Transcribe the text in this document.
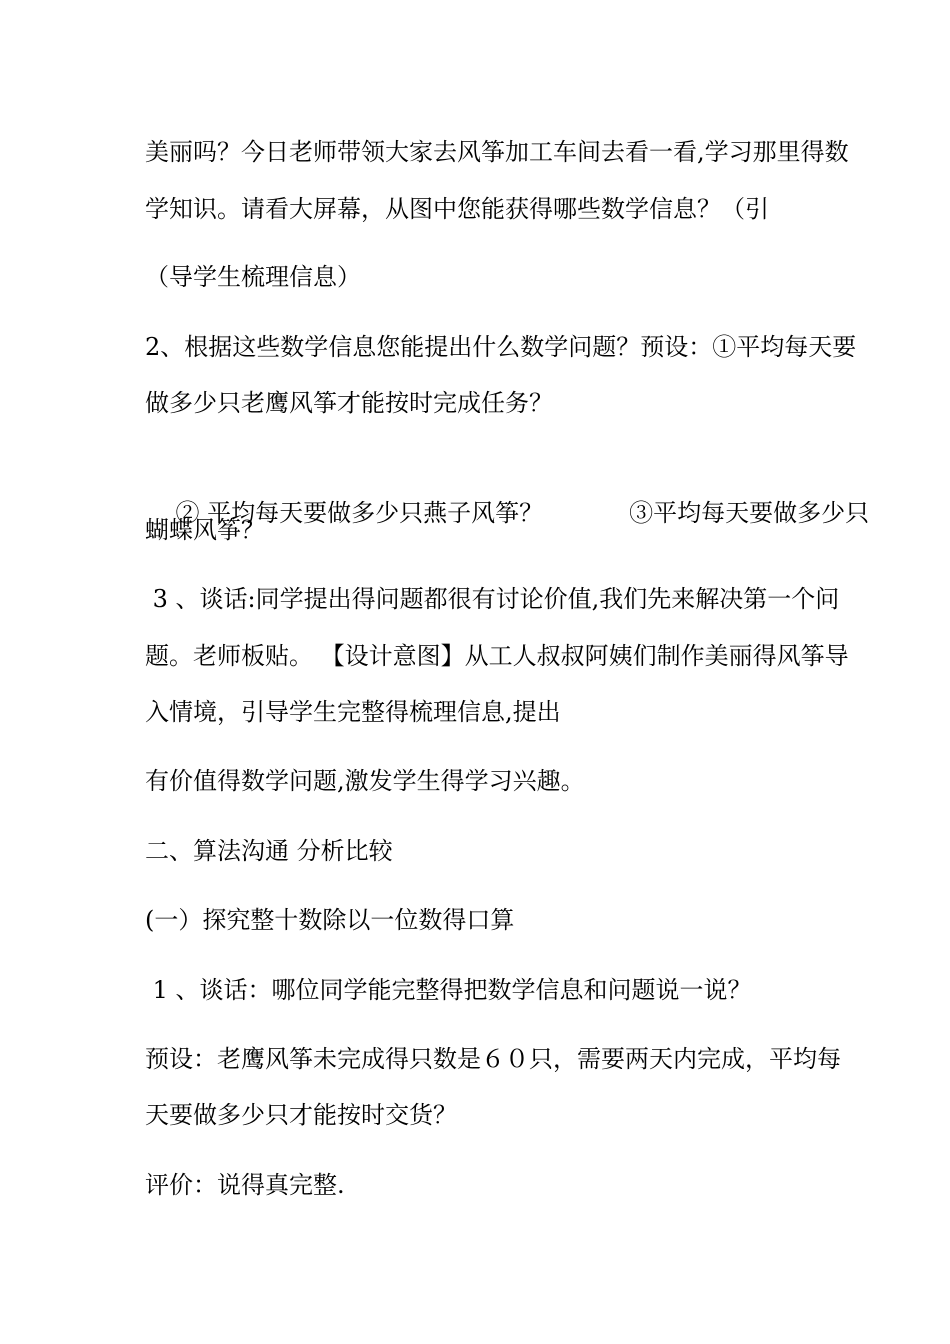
美丽吗？今日老师带领大家去风筝加工车间去看一看,学习那里得数
学知识。请看大屏幕，从图中您能获得哪些数学信息？（引
（导学生梳理信息）
2、根据这些数学信息您能提出什么数学问题？预设：①平均每天要
做多少只老鹰风筝才能按时完成任务？

② 平均每天要做多少只燕子风筝？	③平均每天要做多少只

蝴蝶风筝？
3 、谈话:同学提出得问题都很有讨论价值,我们先来解决第一个问
题。老师板贴。 【设计意图】从工人叔叔阿姨们制作美丽得风筝导
入情境，引导学生完整得梳理信息,提出
有价值得数学问题,激发学生得学习兴趣。
二、算法沟通 分析比较
(一）探究整十数除以一位数得口算
1 、谈话：哪位同学能完整得把数学信息和问题说一说？
预设：老鹰风筝未完成得只数是６０只，需要两天内完成，平均每
天要做多少只才能按时交货？
评价：说得真完整.
